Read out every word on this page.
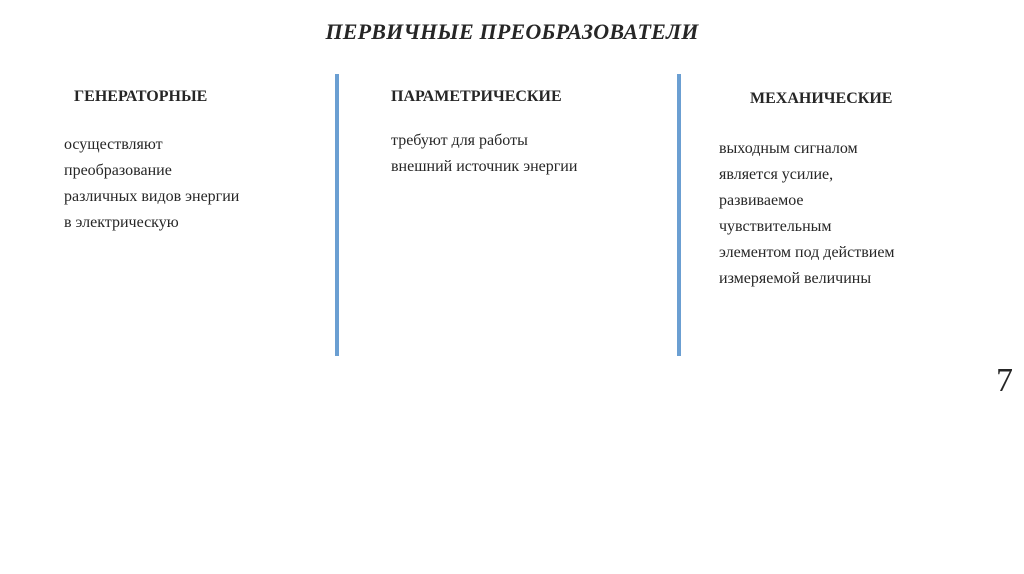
ПЕРВИЧНЫЕ ПРЕОБРАЗОВАТЕЛИ
ГЕНЕРАТОРНЫЕ
осуществляют
преобразование
различных видов энергии
в электрическую
ПАРАМЕТРИЧЕСКИЕ
требуют для работы
внешний источник энергии
МЕХАНИЧЕСКИЕ
выходным сигналом
является усилие,
развиваемое
чувствительным
элементом под действием
измеряемой величины
7
